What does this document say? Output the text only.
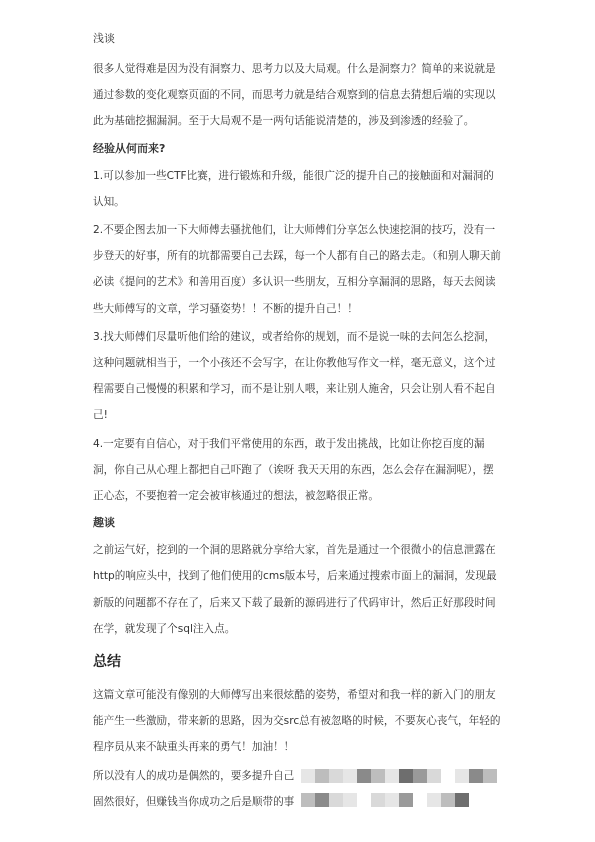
浅谈

很多人觉得难是因为没有洞察力、思考力以及大局观。什么是洞察力？简单的来说就是通过参数的变化观察页面的不同，而思考力就是结合观察到的信息去猜想后端的实现以此为基础挖掘漏洞。至于大局观不是一两句话能说清楚的，涉及到渗透的经验了。

经验从何而来?

1.可以参加一些CTF比赛，进行锻炼和升级，能很广泛的提升自己的接触面和对漏洞的认知。

2.不要企图去加一下大师傅去骚扰他们，让大师傅们分享怎么快速挖洞的技巧，没有一步登天的好事，所有的坑都需要自己去踩，每一个人都有自己的路去走。（和别人聊天前必读《提问的艺术》和善用百度）多认识一些朋友，互相分享漏洞的思路，每天去阅读些大师傅写的文章，学习骚姿势！！不断的提升自己！！

3.找大师傅们尽量听他们给的建议，或者给你的规划，而不是说一味的去问怎么挖洞，这种问题就相当于，一个小孩还不会写字，在让你教他写作文一样，毫无意义，这个过程需要自己慢慢的积累和学习，而不是让别人喂，来让别人施舍，只会让别人看不起自己!

4.一定要有自信心，对于我们平常使用的东西，敢于发出挑战，比如让你挖百度的漏洞，你自己从心理上都把自己吓跑了（诶呀 我天天用的东西，怎么会存在漏洞呢），摆正心态，不要抱着一定会被审核通过的想法，被忽略很正常。

趣谈

之前运气好，挖到的一个洞的思路就分享给大家，首先是通过一个很微小的信息泄露在http的响应头中，找到了他们使用的cms版本号，后来通过搜索市面上的漏洞，发现最新版的问题都不存在了，后来又下载了最新的源码进行了代码审计，然后正好那段时间在学，就发现了个sql注入点。

总结

这篇文章可能没有像别的大师傅写出来很炫酷的姿势，希望对和我一样的新入门的朋友能产生一些激励，带来新的思路，因为交src总有被忽略的时候，不要灰心丧气，年轻的程序员从来不缺重头再来的勇气！加油！！

所以没有人的成功是偶然的，要多提升自己
固然很好，但赚钱当你成功之后是顺带的事
